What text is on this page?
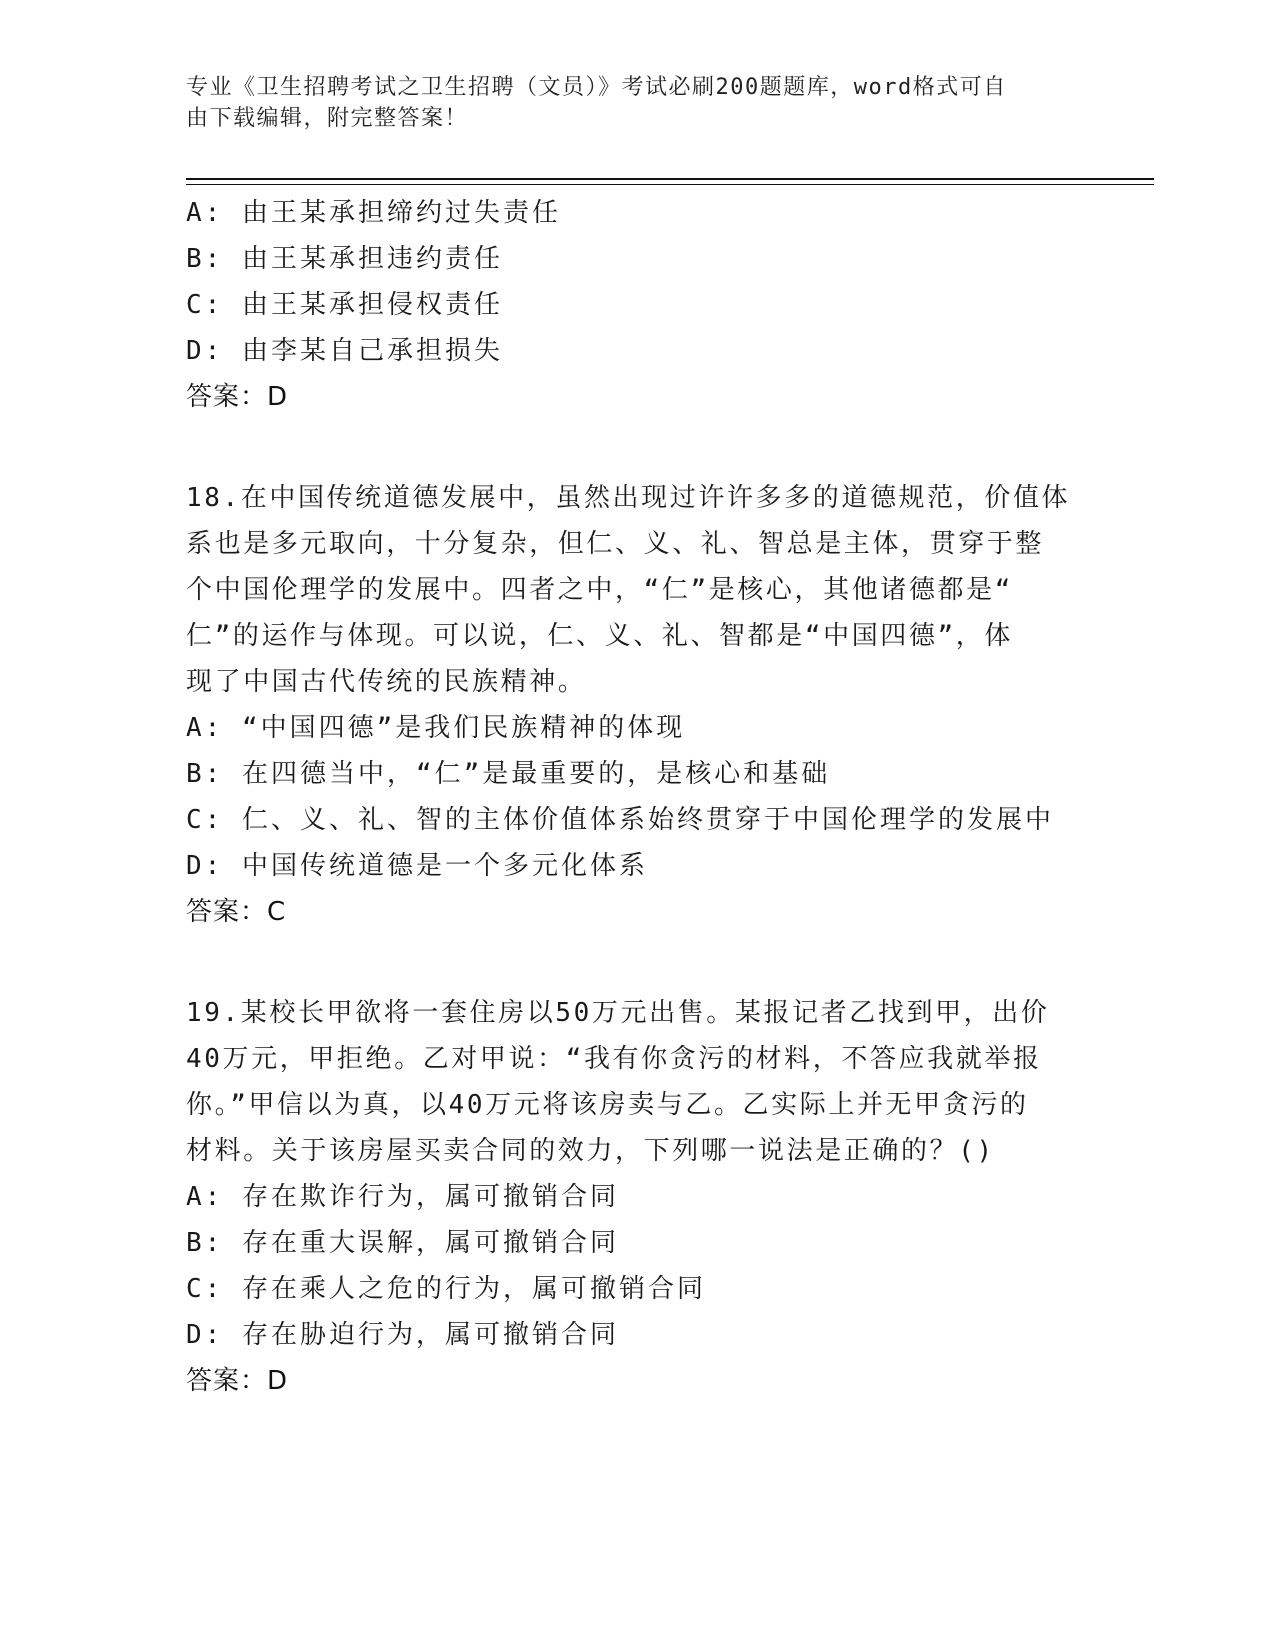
专业《卫生招聘考试之卫生招聘（文员）》考试必刷200题题库，word格式可自
由下载编辑，附完整答案！
A: 由王某承担缔约过失责任
B: 由王某承担违约责任
C: 由王某承担侵权责任
D: 由李某自己承担损失
答案：D
18.在中国传统道德发展中，虽然出现过许许多多的道德规范，价值体
系也是多元取向，十分复杂，但仁、义、礼、智总是主体，贯穿于整
个中国伦理学的发展中。四者之中，“仁”是核心，其他诸德都是“
仁”的运作与体现。可以说，仁、义、礼、智都是“中国四德”，体
现了中国古代传统的民族精神。
A: “中国四德”是我们民族精神的体现
B: 在四德当中，“仁”是最重要的，是核心和基础
C: 仁、义、礼、智的主体价值体系始终贯穿于中国伦理学的发展中
D: 中国传统道德是一个多元化体系
答案：C
19.某校长甲欲将一套住房以50万元出售。某报记者乙找到甲，出价
40万元，甲拒绝。乙对甲说：“我有你贪污的材料，不答应我就举报
你。”甲信以为真，以40万元将该房卖与乙。乙实际上并无甲贪污的
材料。关于该房屋买卖合同的效力，下列哪一说法是正确的？()
A: 存在欺诈行为，属可撤销合同
B: 存在重大误解，属可撤销合同
C: 存在乘人之危的行为，属可撤销合同
D: 存在胁迫行为，属可撤销合同
答案：D
